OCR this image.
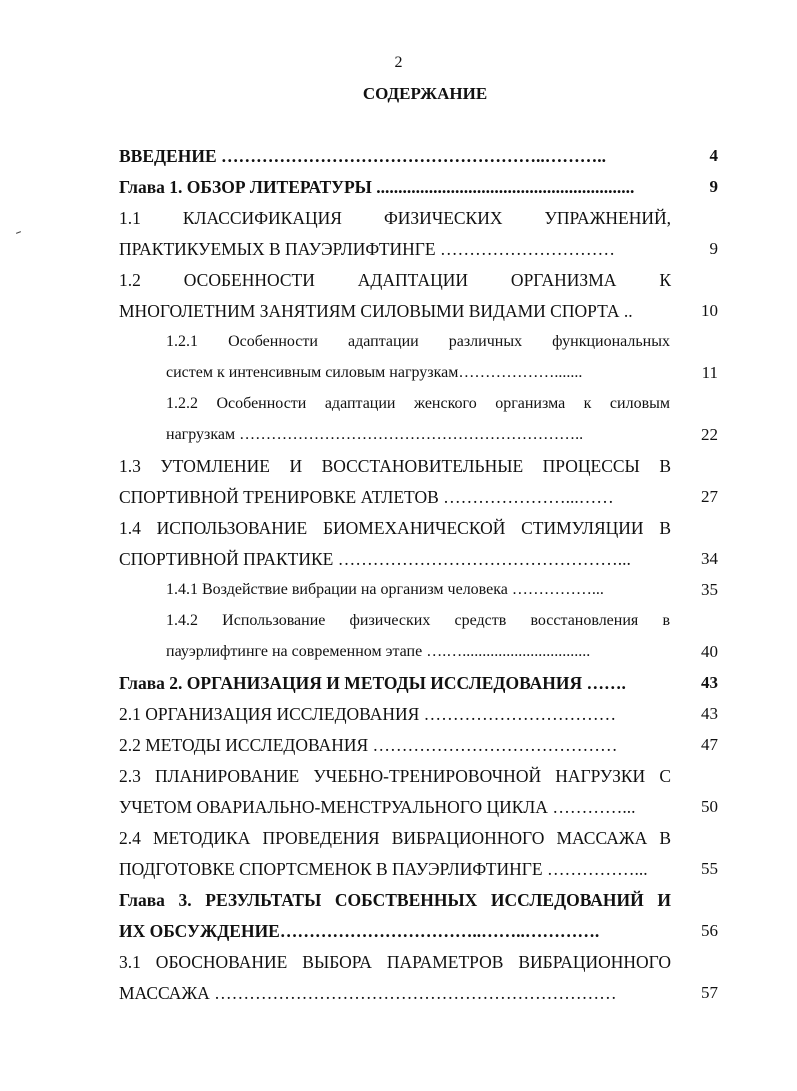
2
СОДЕРЖАНИЕ
ВВЕДЕНИЕ ………………………………………………..………..	4
Глава 1. ОБЗОР ЛИТЕРАТУРЫ ...........................................................	9
1.1 КЛАССИФИКАЦИЯ ФИЗИЧЕСКИХ УПРАЖНЕНИЙ,
ПРАКТИКУЕМЫХ В ПАУЭРЛИФТИНГЕ …………………………	9
1.2 ОСОБЕННОСТИ АДАПТАЦИИ ОРГАНИЗМА К
МНОГОЛЕТНИМ ЗАНЯТИЯМ СИЛОВЫМИ ВИДАМИ СПОРТА ..	10
1.2.1 Особенности адаптации различных функциональных
систем к интенсивным силовым нагрузкам……………….......	11
1.2.2 Особенности адаптации женского организма к силовым
нагрузкам ………………………………………………………..	22
1.3 УТОМЛЕНИЕ И ВОССТАНОВИТЕЛЬНЫЕ ПРОЦЕССЫ В
СПОРТИВНОЙ ТРЕНИРОВКЕ АТЛЕТОВ …………………...……	27
1.4 ИСПОЛЬЗОВАНИЕ БИОМЕХАНИЧЕСКОЙ СТИМУЛЯЦИИ В
СПОРТИВНОЙ ПРАКТИКЕ …………………………………………...	34
1.4.1 Воздействие вибрации на организм человека ……………...	35
1.4.2 Использование физических средств восстановления в
пауэрлифтинге на современном этапе ….…................................	40
Глава 2. ОРГАНИЗАЦИЯ И МЕТОДЫ ИССЛЕДОВАНИЯ …….	43
2.1 ОРГАНИЗАЦИЯ ИССЛЕДОВАНИЯ ……………………………	43
2.2 МЕТОДЫ ИССЛЕДОВАНИЯ ……………………………………	47
2.3 ПЛАНИРОВАНИЕ УЧЕБНО-ТРЕНИРОВОЧНОЙ НАГРУЗКИ С
УЧЕТОМ ОВАРИАЛЬНО-МЕНСТРУАЛЬНОГО ЦИКЛА …………...	50
2.4 МЕТОДИКА ПРОВЕДЕНИЯ ВИБРАЦИОННОГО МАССАЖА В
ПОДГОТОВКЕ СПОРТСМЕНОК В ПАУЭРЛИФТИНГЕ ……………...	55
Глава 3. РЕЗУЛЬТАТЫ СОБСТВЕННЫХ ИССЛЕДОВАНИЙ И
ИХ ОБСУЖДЕНИЕ……………………………..……..………….	56
3.1 ОБОСНОВАНИЕ ВЫБОРА ПАРАМЕТРОВ ВИБРАЦИОННОГО
МАССАЖА ……………………………………………………………	57
